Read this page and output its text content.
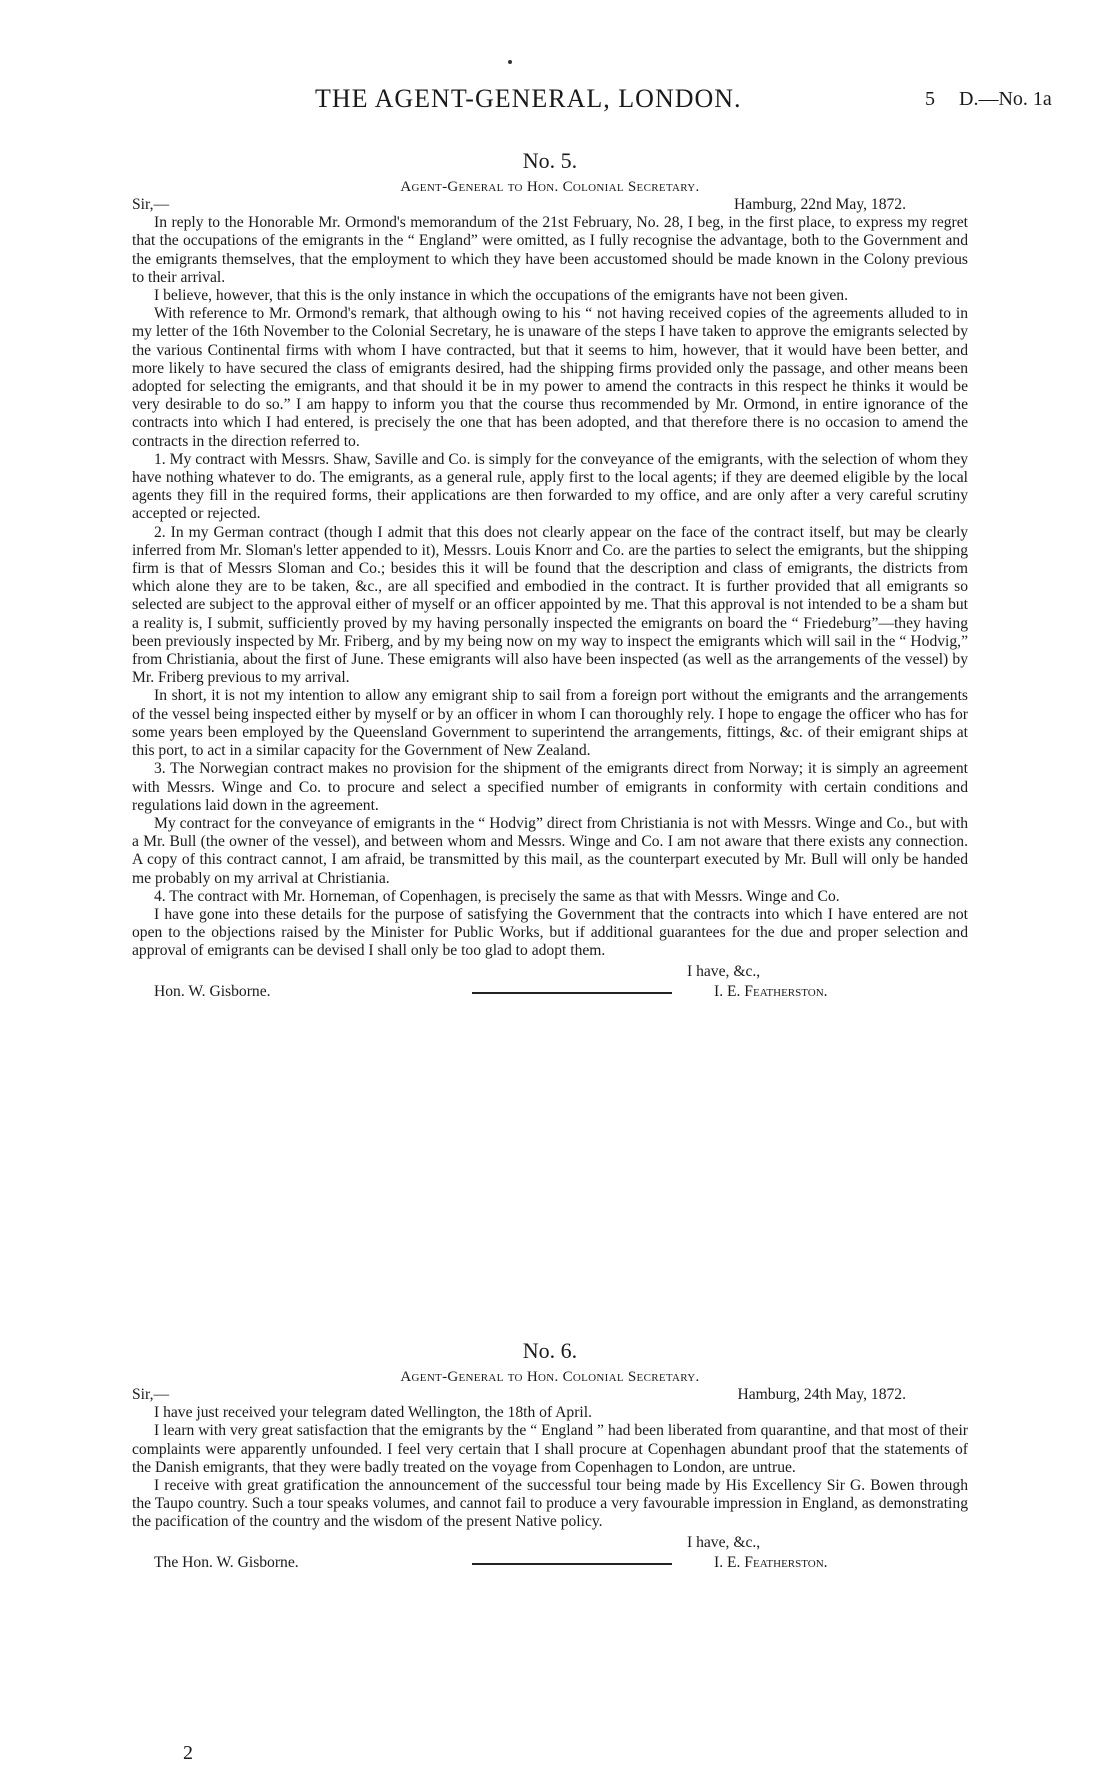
THE AGENT-GENERAL, LONDON.	5 D.—No. 1a
No. 5.
Agent-General to Hon. Colonial Secretary.
Sir,—	Hamburg, 22nd May, 1872.

In reply to the Honorable Mr. Ormond's memorandum of the 21st February, No. 28, I beg, in the first place, to express my regret that the occupations of the emigrants in the “ England” were omitted, as I fully recognise the advantage, both to the Government and the emigrants themselves, that the employment to which they have been accustomed should be made known in the Colony previous to their arrival.

I believe, however, that this is the only instance in which the occupations of the emigrants have not been given.

With reference to Mr. Ormond's remark, that although owing to his “ not having received copies of the agreements alluded to in my letter of the 16th November to the Colonial Secretary, he is unaware of the steps I have taken to approve the emigrants selected by the various Continental firms with whom I have contracted, but that it seems to him, however, that it would have been better, and more likely to have secured the class of emigrants desired, had the shipping firms provided only the passage, and other means been adopted for selecting the emigrants, and that should it be in my power to amend the contracts in this respect he thinks it would be very desirable to do so.” I am happy to inform you that the course thus recommended by Mr. Ormond, in entire ignorance of the contracts into which I had entered, is precisely the one that has been adopted, and that therefore there is no occasion to amend the contracts in the direction referred to.

1. My contract with Messrs. Shaw, Saville and Co. is simply for the conveyance of the emigrants, with the selection of whom they have nothing whatever to do. The emigrants, as a general rule, apply first to the local agents; if they are deemed eligible by the local agents they fill in the required forms, their applications are then forwarded to my office, and are only after a very careful scrutiny accepted or rejected.

2. In my German contract (though I admit that this does not clearly appear on the face of the contract itself, but may be clearly inferred from Mr. Sloman's letter appended to it), Messrs. Louis Knorr and Co. are the parties to select the emigrants, but the shipping firm is that of Messrs Sloman and Co.; besides this it will be found that the description and class of emigrants, the districts from which alone they are to be taken, &c., are all specified and embodied in the contract. It is further provided that all emigrants so selected are subject to the approval either of myself or an officer appointed by me. That this approval is not intended to be a sham but a reality is, I submit, sufficiently proved by my having personally inspected the emigrants on board the “ Friedeburg”—they having been previously inspected by Mr. Friberg, and by my being now on my way to inspect the emigrants which will sail in the “ Hodvig,” from Christiania, about the first of June. These emigrants will also have been inspected (as well as the arrangements of the vessel) by Mr. Friberg previous to my arrival.

In short, it is not my intention to allow any emigrant ship to sail from a foreign port without the emigrants and the arrangements of the vessel being inspected either by myself or by an officer in whom I can thoroughly rely. I hope to engage the officer who has for some years been employed by the Queensland Government to superintend the arrangements, fittings, &c. of their emigrant ships at this port, to act in a similar capacity for the Government of New Zealand.

3. The Norwegian contract makes no provision for the shipment of the emigrants direct from Norway; it is simply an agreement with Messrs. Winge and Co. to procure and select a specified number of emigrants in conformity with certain conditions and regulations laid down in the agreement.

My contract for the conveyance of emigrants in the “ Hodvig” direct from Christiania is not with Messrs. Winge and Co., but with a Mr. Bull (the owner of the vessel), and between whom and Messrs. Winge and Co. I am not aware that there exists any connection. A copy of this contract cannot, I am afraid, be transmitted by this mail, as the counterpart executed by Mr. Bull will only be handed me probably on my arrival at Christiania.

4. The contract with Mr. Horneman, of Copenhagen, is precisely the same as that with Messrs. Winge and Co.

I have gone into these details for the purpose of satisfying the Government that the contracts into which I have entered are not open to the objections raised by the Minister for Public Works, but if additional guarantees for the due and proper selection and approval of emigrants can be devised I shall only be too glad to adopt them.

I have, &c.,
Hon. W. Gisborne.	I. E. Featherston.
No. 6.
Agent-General to Hon. Colonial Secretary.
Sir,—	Hamburg, 24th May, 1872.

I have just received your telegram dated Wellington, the 18th of April.

I learn with very great satisfaction that the emigrants by the “ England ” had been liberated from quarantine, and that most of their complaints were apparently unfounded. I feel very certain that I shall procure at Copenhagen abundant proof that the statements of the Danish emigrants, that they were badly treated on the voyage from Copenhagen to London, are untrue.

I receive with great gratification the announcement of the successful tour being made by His Excellency Sir G. Bowen through the Taupo country. Such a tour speaks volumes, and cannot fail to produce a very favourable impression in England, as demonstrating the pacification of the country and the wisdom of the present Native policy.

I have, &c.,
The Hon. W. Gisborne.	I. E. Featherston.
2
